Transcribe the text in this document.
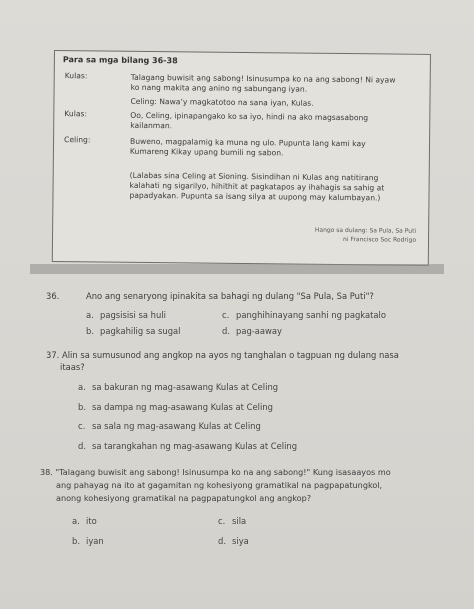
Para sa mga bilang 36-38
Kulas:	Talagang buwisit ang sabong! Isinusumpa ko na ang sabong! Ni ayaw
ko nang makita ang anino ng sabungang iyan.
Celing: Nawa’y magkatotoo na sana iyan, Kulas.
Kulas:	Oo, Celing, ipinapangako ko sa iyo, hindi na ako magsasabong
kailanman.
Celing:	Buweno, magpalamig ka muna ng ulo. Pupunta lang kami kay
Kumareng Kikay upang bumili ng sabon.
(Lalabas sina Celing at Sioning. Sisindihan ni Kulas ang natitirang
kalahati ng sigarilyo, hihithit at pagkatapos ay ihahagis sa sahig at
papadyakan. Pupunta sa isang silya at uupong may kalumbayan.)
Hango sa dulang: Sa Pula, Sa Puti
ni Francisco Soc Rodrigo
36.	Ano ang senaryong ipinakita sa bahagi ng dulang "Sa Pula, Sa Puti"?
a. pagsisisi sa huli
b. pagkahilig sa sugal
c. panghihinayang sanhi ng pagkatalo
d. pag-aaway
37. Alin sa sumusunod ang angkop na ayos ng tanghalan o tagpuan ng dulang nasa
itaas?
a. sa bakuran ng mag-asawang Kulas at Celing
b. sa dampa ng mag-asawang Kulas at Celing
c. sa sala ng mag-asawang Kulas at Celing
d. sa tarangkahan ng mag-asawang Kulas at Celing
38. "Talagang buwisit ang sabong! Isinusumpa ko na ang sabong!" Kung isasaayos mo
ang pahayag na ito at gagamitan ng kohesiyong gramatikal na pagpapatungkol,
anong kohesiyong gramatikal na pagpapatungkol ang angkop?
a. ito
b. iyan
c. sila
d. siya
